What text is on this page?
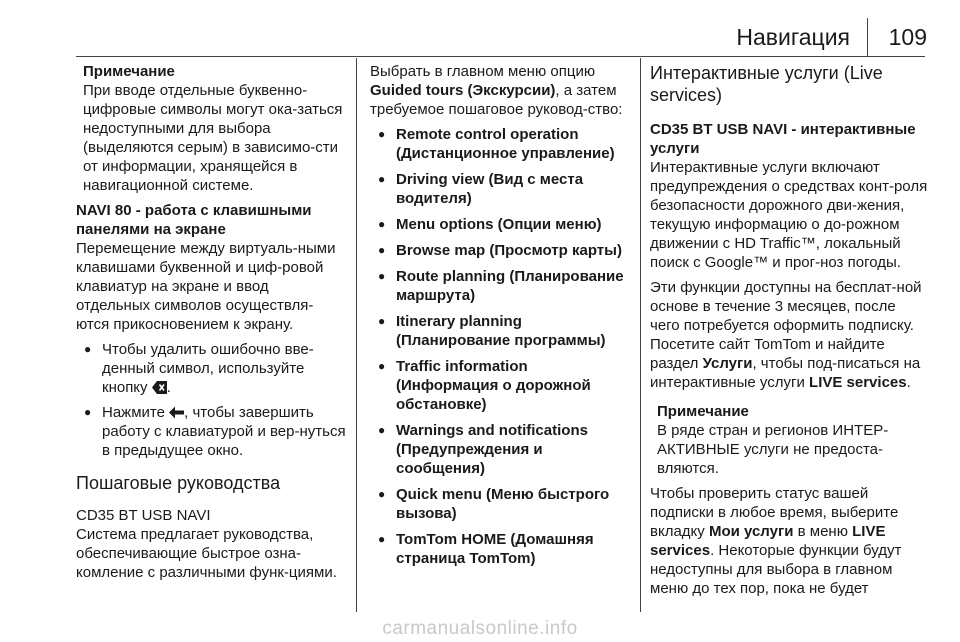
Навигация 109
Примечание
При вводе отдельные буквенно-цифровые символы могут ока-заться недоступными для выбора (выделяются серым) в зависимо-сти от информации, хранящейся в навигационной системе.
NAVI 80 - работа с клавишными панелями на экране
Перемещение между виртуаль-ными клавишами буквенной и циф-ровой клавиатур на экране и ввод отдельных символов осуществля-ются прикосновением к экрану.
● Чтобы удалить ошибочно вве-денный символ, используйте кнопку .
● Нажмите , чтобы завершить работу с клавиатурой и вер-нуться в предыдущее окно.
Пошаговые руководства
CD35 BT USB NAVI
Система предлагает руководства, обеспечивающие быстрое озна-комление с различными функ-циями.
Выбрать в главном меню опцию Guided tours (Экскурсии), а затем требуемое пошаговое руковод-ство:
● Remote control operation (Дистанционное управление)
● Driving view (Вид с места водителя)
● Menu options (Опции меню)
● Browse map (Просмотр карты)
● Route planning (Планирование маршрута)
● Itinerary planning (Планирование программы)
● Traffic information (Информация о дорожной обстановке)
● Warnings and notifications (Предупреждения и сообщения)
● Quick menu (Меню быстрого вызова)
● TomTom HOME (Домашняя страница TomTom)
Интерактивные услуги (Live services)
CD35 BT USB NAVI - интерактивные услуги
Интерактивные услуги включают предупреждения о средствах конт-роля безопасности дорожного дви-жения, текущую информацию о до-рожном движении с HD Traffic™, локальный поиск с Google™ и прог-ноз погоды.
Эти функции доступны на бесплат-ной основе в течение 3 месяцев, после чего потребуется оформить подписку. Посетите сайт TomTom и найдите раздел Услуги, чтобы под-писаться на интерактивные услуги LIVE services.
Примечание
В ряде стран и регионов ИНТЕР-АКТИВНЫЕ услуги не предоста-вляются.
Чтобы проверить статус вашей подписки в любое время, выберите вкладку Мои услуги в меню LIVE services. Некоторые функции будут недоступны для выбора в главном меню до тех пор, пока не будет
carmanualsonline.info
